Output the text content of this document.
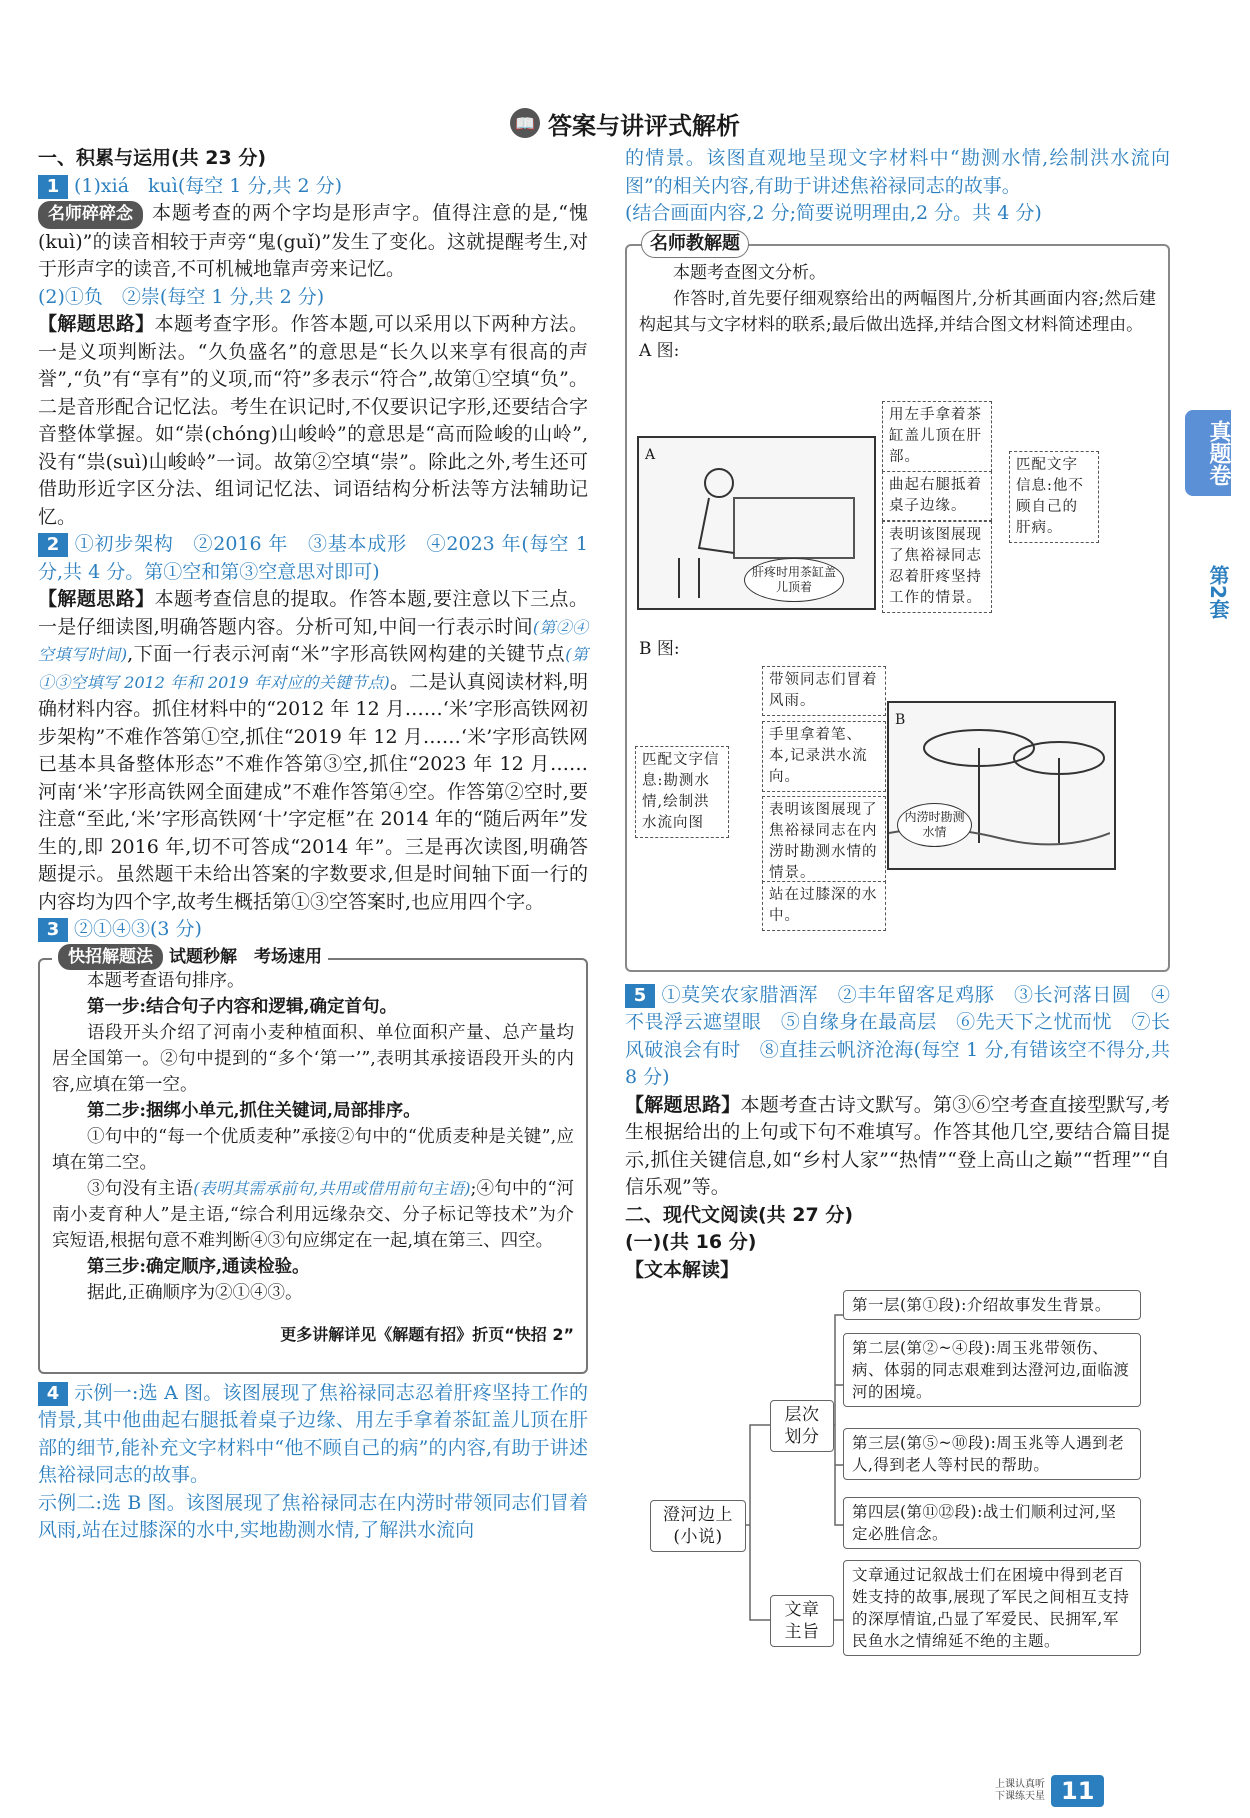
📖 答案与讲评式解析

一、积累与运用(共 23 分)

1 (1)xiá　kuì(每空 1 分,共 2 分)

名师碎碎念 本题考查的两个字均是形声字。值得注意的是,“愧(kuì)”的读音相较于声旁“鬼(guǐ)”发生了变化。这就提醒考生,对于形声字的读音,不可机械地靠声旁来记忆。

(2)①负　②崇(每空 1 分,共 2 分)

【解题思路】本题考查字形。作答本题,可以采用以下两种方法。一是义项判断法。“久负盛名”的意思是“长久以来享有很高的声誉”,“负”有“享有”的义项,而“符”多表示“符合”,故第①空填“负”。二是音形配合记忆法。考生在识记时,不仅要识记字形,还要结合字音整体掌握。如“崇(chóng)山峻岭”的意思是“高而险峻的山岭”,没有“祟(suì)山峻岭”一词。故第②空填“崇”。除此之外,考生还可借助形近字区分法、组词记忆法、词语结构分析法等方法辅助记忆。

2 ①初步架构　②2016 年　③基本成形　④2023 年(每空 1 分,共 4 分。第①空和第③空意思对即可)

【解题思路】本题考查信息的提取。作答本题,要注意以下三点。一是仔细读图,明确答题内容。分析可知,中间一行表示时间(第②④空填写时间),下面一行表示河南“米”字形高铁网构建的关键节点(第①③空填写 2012 年和 2019 年对应的关键节点)。二是认真阅读材料,明确材料内容。抓住材料中的“2012 年 12 月……‘米’字形高铁网初步架构”不难作答第①空,抓住“2019 年 12 月……‘米’字形高铁网已基本具备整体形态”不难作答第③空,抓住“2023 年 12 月……河南‘米’字形高铁网全面建成”不难作答第④空。作答第②空时,要注意“至此,‘米’字形高铁网‘十’字定框”在 2014 年的“随后两年”发生的,即 2016 年,切不可答成“2014 年”。三是再次读图,明确答题提示。虽然题干未给出答案的字数要求,但是时间轴下面一行的内容均为四个字,故考生概括第①③空答案时,也应用四个字。

3 ②①④③(3 分)

快招解题法 试题秒解　考场速用

本题考查语句排序。

第一步:结合句子内容和逻辑,确定首句。

语段开头介绍了河南小麦种植面积、单位面积产量、总产量均居全国第一。②句中提到的“多个‘第一’”,表明其承接语段开头的内容,应填在第一空。

第二步:捆绑小单元,抓住关键词,局部排序。

①句中的“每一个优质麦种”承接②句中的“优质麦种是关键”,应填在第二空。

③句没有主语(表明其需承前句,共用或借用前句主语);④句中的“河南小麦育种人”是主语,“综合利用远缘杂交、分子标记等技术”为介宾短语,根据句意不难判断④③句应绑定在一起,填在第三、四空。

第三步:确定顺序,通读检验。

据此,正确顺序为②①④③。

更多讲解详见《解题有招》折页“快招 2”

4 示例一:选 A 图。该图展现了焦裕禄同志忍着肝疼坚持工作的情景,其中他曲起右腿抵着桌子边缘、用左手拿着茶缸盖儿顶在肝部的细节,能补充文字材料中“他不顾自己的病”的内容,有助于讲述焦裕禄同志的故事。

示例二:选 B 图。该图展现了焦裕禄同志在内涝时带领同志们冒着风雨,站在过膝深的水中,实地勘测水情,了解洪水流向

的情景。该图直观地呈现文字材料中“勘测水情,绘制洪水流向图”的相关内容,有助于讲述焦裕禄同志的故事。

(结合画面内容,2 分;简要说明理由,2 分。共 4 分)

名师教解题

本题考查图文分析。

作答时,首先要仔细观察给出的两幅图片,分析其画面内容;然后建构起其与文字材料的联系;最后做出选择,并结合图文材料简述理由。

A 图:

A
肝疼时用茶缸盖儿顶着
用左手拿着茶缸盖儿顶在肝部。
曲起右腿抵着桌子边缘。
表明该图展现了焦裕禄同志忍着肝疼坚持工作的情景。
匹配文字信息:他不顾自己的肝病。

B 图:

带领同志们冒着风雨。
手里拿着笔、本,记录洪水流向。
表明该图展现了焦裕禄同志在内涝时勘测水情的情景。
站在过膝深的水中。
匹配文字信息:勘测水情,绘制洪水流向图
B
内涝时勘测水情

5 ①莫笑农家腊酒浑　②丰年留客足鸡豚　③长河落日圆　④不畏浮云遮望眼　⑤自缘身在最高层　⑥先天下之忧而忧　⑦长风破浪会有时　⑧直挂云帆济沧海(每空 1 分,有错该空不得分,共 8 分)

【解题思路】本题考查古诗文默写。第③⑥空考查直接型默写,考生根据给出的上句或下句不难填写。作答其他几空,要结合篇目提示,抓住关键信息,如“乡村人家”“热情”“登上高山之巅”“哲理”“自信乐观”等。

二、现代文阅读(共 27 分)

(一)(共 16 分)

【文本解读】

澄河边上
(小说)
层次划分
文章主旨
第一层(第①段):介绍故事发生背景。
第二层(第②~④段):周玉兆带领伤、病、体弱的同志艰难到达澄河边,面临渡河的困境。
第三层(第⑤~⑩段):周玉兆等人遇到老人,得到老人等村民的帮助。
第四层(第⑪⑫段):战士们顺利过河,坚定必胜信念。
文章通过记叙战士们在困境中得到老百姓支持的故事,展现了军民之间相互支持的深厚情谊,凸显了军爱民、民拥军,军民鱼水之情绵延不绝的主题。
真题卷
第2套
上课认真听
下课练天星 11
